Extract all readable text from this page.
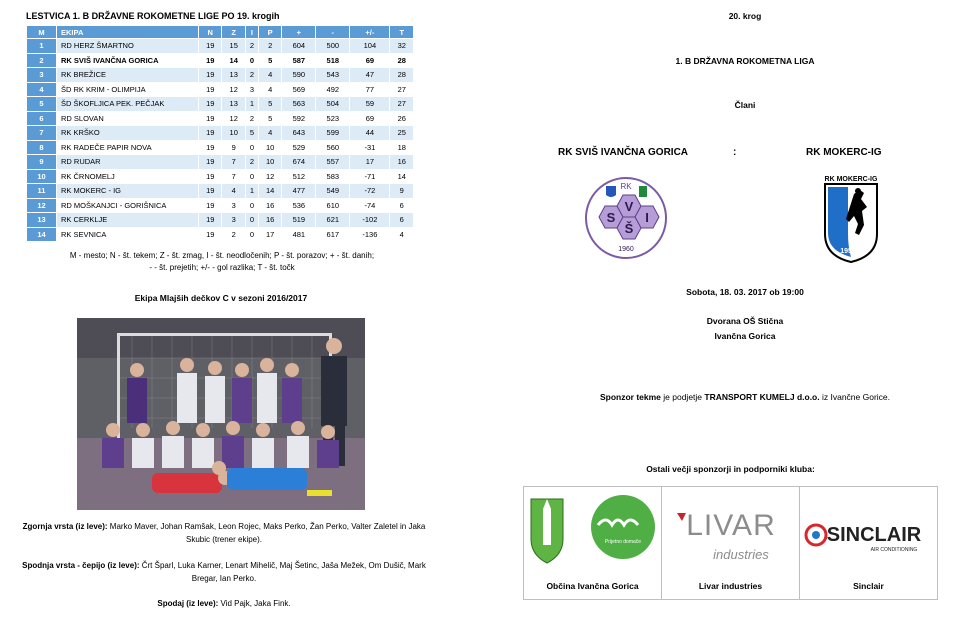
LESTVICA 1. B DRŽAVNE ROKOMETNE LIGE PO 19. krogih
M	EKIPA	N	Z	I	P	+	-	+/-	T
1	RD HERZ ŠMARTNO	19	15	2	2	604	500	104	32
2	RK SVIŠ IVANČNA GORICA	19	14	0	5	587	518	69	28
3	RK BREŽICE	19	13	2	4	590	543	47	28
4	ŠD RK KRIM - OLIMPIJA	19	12	3	4	569	492	77	27
5	ŠD ŠKOFLJICA PEK. PEČJAK	19	13	1	5	563	504	59	27
6	RD SLOVAN	19	12	2	5	592	523	69	26
7	RK KRŠKO	19	10	5	4	643	599	44	25
8	RK RADEČE PAPIR NOVA	19	9	0	10	529	560	-31	18
9	RD RUDAR	19	7	2	10	674	557	17	16
10	RK ČRNOMELJ	19	7	0	12	512	583	-71	14
11	RK MOKERC - IG	19	4	1	14	477	549	-72	9
12	RD MOŠKANJCI - GORIŠNICA	19	3	0	16	536	610	-74	6
13	RK CERKLJE	19	3	0	16	519	621	-102	6
14	RK SEVNICA	19	2	0	17	481	617	-136	4
M - mesto; N - št. tekem; Z - št. zmag, I - št. neodločenih; P - št. porazov; + - št. danih;
- - št. prejetih; +/- - gol razlika; T - št. točk
Ekipa Mlajših dečkov C v sezoni 2016/2017
Zgornja vrsta (iz leve): Marko Maver, Johan Ramšak, Leon Rojec, Maks Perko, Žan Perko, Valter Zaletel in Jaka Skubic (trener ekipe).
Spodnja vrsta - čepijo (iz leve): Črt Šparl, Luka Karner, Lenart Mihelič, Maj Šetinc, Jaša Mežek, Om Dušič, Mark Bregar, Ian Perko.
Spodaj (iz leve): Vid Pajk, Jaka Fink.
20. krog
1. B DRŽAVNA ROKOMETNA LIGA
Člani
RK SVIŠ IVANČNA GORICA	:	RK MOKERC-IG
RK
S
V
I
Š
1960
RK MOKERC-IG
1959
Sobota, 18. 03. 2017 ob 19:00
Dvorana OŠ Stična
Ivančna Gorica
Sponzor tekme je podjetje TRANSPORT KUMELJ d.o.o. iz Ivančne Gorice.
Ostali večji sponzorji in podporniki kluba:
Prijetno domače
Občina Ivančna Gorica
LIVAR
industries
Livar industries
SINCLAIR
AIR CONDITIONING
Sinclair
